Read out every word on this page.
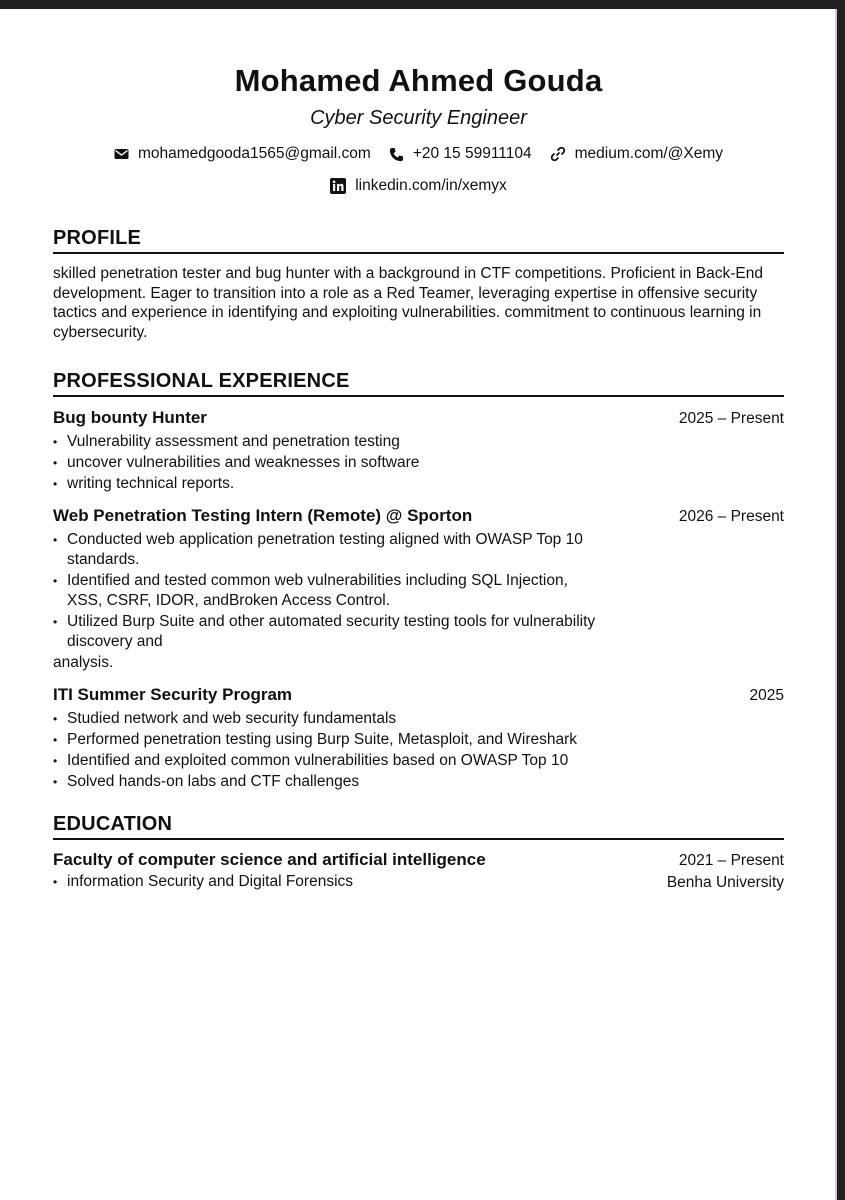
Mohamed Ahmed Gouda
Cyber Security Engineer
mohamedgooda1565@gmail.com	+20 15 59911104	medium.com/@Xemy
linkedin.com/in/xemyx
PROFILE
skilled penetration tester and bug hunter with a background in CTF competitions. Proficient in Back-End development. Eager to transition into a role as a Red Teamer, leveraging expertise in offensive security tactics and experience in identifying and exploiting vulnerabilities. commitment to continuous learning in cybersecurity.
PROFESSIONAL EXPERIENCE
Bug bounty Hunter	2025 – Present
• Vulnerability assessment and penetration testing
• uncover vulnerabilities and weaknesses in software
• writing technical reports.
Web Penetration Testing Intern (Remote) @ Sporton	2026 – Present
• Conducted web application penetration testing aligned with OWASP Top 10 standards.
• Identified and tested common web vulnerabilities including SQL Injection, XSS, CSRF, IDOR, andBroken Access Control.
• Utilized Burp Suite and other automated security testing tools for vulnerability discovery and
analysis.
ITI Summer Security Program	2025
• Studied network and web security fundamentals
• Performed penetration testing using Burp Suite, Metasploit, and Wireshark
• Identified and exploited common vulnerabilities based on OWASP Top 10
• Solved hands-on labs and CTF challenges
EDUCATION
Faculty of computer science and artificial intelligence	2021 – Present
• information Security and Digital Forensics	Benha University
